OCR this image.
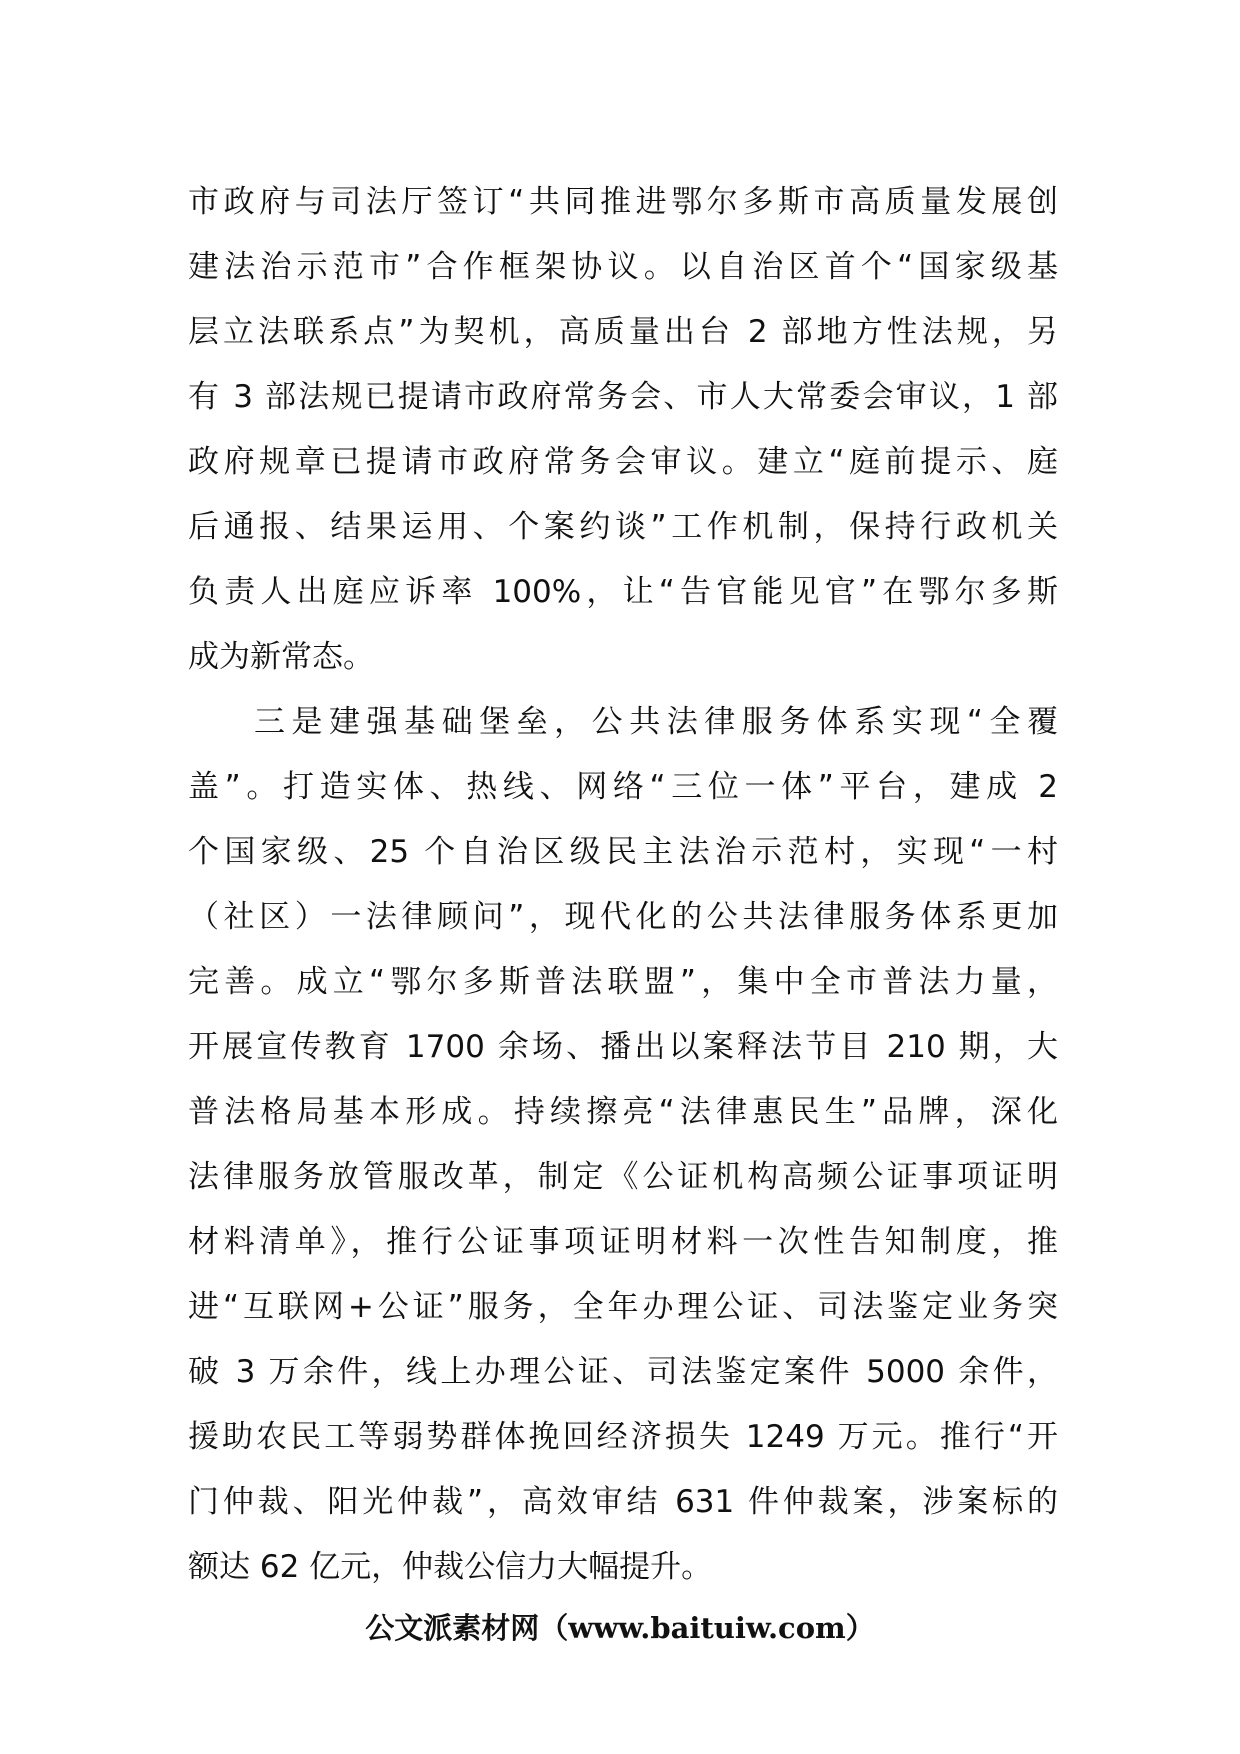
市政府与司法厅签订“共同推进鄂尔多斯市高质量发展创
建法治示范市”合作框架协议。以自治区首个“国家级基
层立法联系点”为契机，高质量出台 2 部地方性法规，另
有 3 部法规已提请市政府常务会、市人大常委会审议，1 部
政府规章已提请市政府常务会审议。建立“庭前提示、庭
后通报、结果运用、个案约谈”工作机制，保持行政机关
负责人出庭应诉率 100%，让“告官能见官”在鄂尔多斯
成为新常态。
三是建强基础堡垒，公共法律服务体系实现“全覆
盖”。打造实体、热线、网络“三位一体”平台，建成 2
个国家级、25 个自治区级民主法治示范村，实现“一村
（社区）一法律顾问”，现代化的公共法律服务体系更加
完善。成立“鄂尔多斯普法联盟”，集中全市普法力量，
开展宣传教育 1700 余场、播出以案释法节目 210 期，大
普法格局基本形成。持续擦亮“法律惠民生”品牌，深化
法律服务放管服改革，制定《公证机构高频公证事项证明
材料清单》，推行公证事项证明材料一次性告知制度，推
进“互联网+公证”服务，全年办理公证、司法鉴定业务突
破 3 万余件，线上办理公证、司法鉴定案件 5000 余件，
援助农民工等弱势群体挽回经济损失 1249 万元。推行“开
门仲裁、阳光仲裁”，高效审结 631 件仲裁案，涉案标的
额达 62 亿元，仲裁公信力大幅提升。
公文派素材网（www.baituiw.com）
